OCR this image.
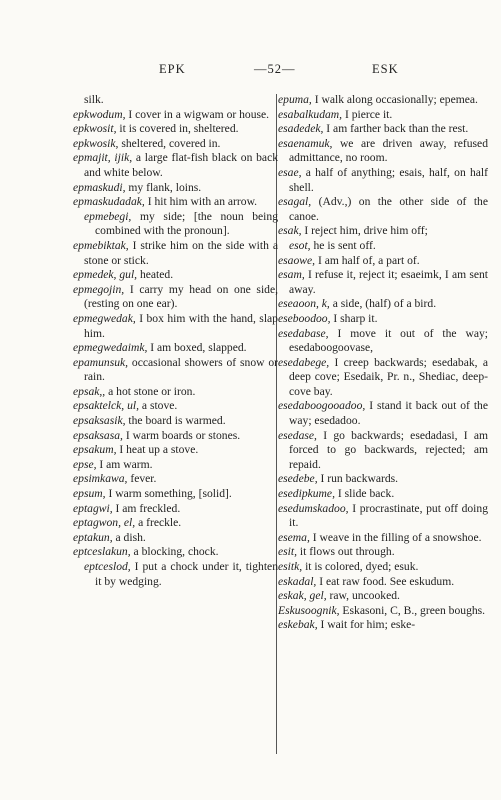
EPK	—52—	ESK

silk.

epkwodum, I cover in a wigwam or house.

epkwosit, it is covered in, sheltered.

epkwosik, sheltered, covered in.

epmajit, ijik, a large flat-fish black on back and white below.

epmaskudi, my flank, loins.

epmaskudadak, I hit him with an arrow.

epmebegi, my side; [the noun being combined with the pronoun].

epmebiktak, I strike him on the side with a stone or stick.

epmedek, gul, heated.

epmegojin, I carry my head on one side, (resting on one ear).

epmegwedak, I box him with the hand, slap him.

epmegwedaimk, I am boxed, slapped.

epamunsuk, occasional showers of snow or rain.

epsak,, a hot stone or iron.

epsaktelck, ul, a stove.

epsaksasik, the board is warmed.

epsaksasa, I warm boards or stones.

epsakum, I heat up a stove.

epse, I am warm.

epsimkawa, fever.

epsum, I warm something, [solid].

eptagwi, I am freckled.

eptagwon, el, a freckle.

eptakun, a dish.

eptceslakun, a blocking, chock.

eptceslod, I put a chock under it, tighten it by wedging.

epuma, I walk along occasionally; epemea.

esabalkudam, I pierce it.

esadedek, I am farther back than the rest.

esaenamuk, we are driven away, refused admittance, no room.

esae, a half of anything; esais, half, on half shell.

esagal, (Adv.,) on the other side of the canoe.

esak, I reject him, drive him off;

esot, he is sent off.

esaowe, I am half of, a part of.

esam, I refuse it, reject it; esaeimk, I am sent away.

eseaoon, k, a side, (half) of a bird.

eseboodoo, I sharp it.

esedabase, I move it out of the way; esedaboogoovase,

esedabege, I creep backwards; esedabak, a deep cove; Esedaik, Pr. n., Shediac, deep-cove bay.

esedaboogooadoo, I stand it back out of the way; esedadoo.

esedase, I go backwards; esedadasi, I am forced to go backwards, rejected; am repaid.

esedebe, I run backwards.

esedipkume, I slide back.

esedumskadoo, I procrastinate, put off doing it.

esema, I weave in the filling of a snowshoe.

esit, it flows out through.

esitk, it is colored, dyed; esuk.

eskadal, I eat raw food. See eskudum.

eskak, gel, raw, uncooked.

Eskusoognik, Eskasoni, C, B., green boughs.

eskebak, I wait for him; eske-
